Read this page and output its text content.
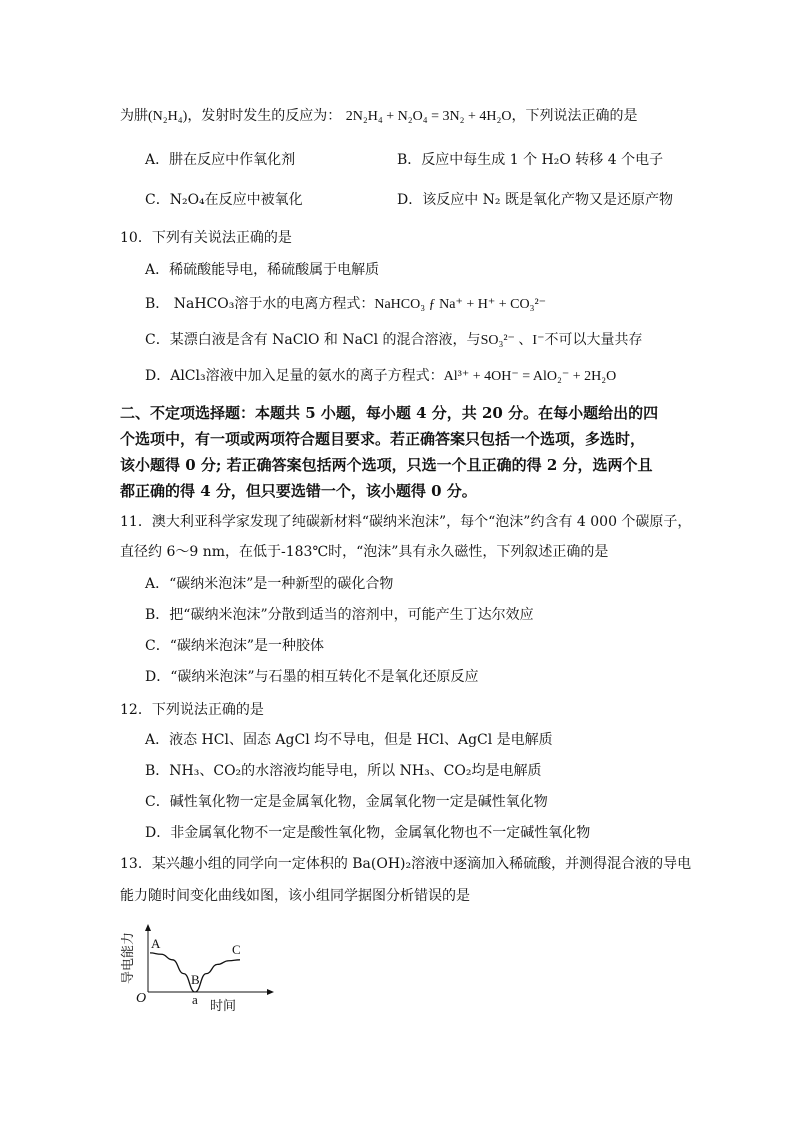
为肼(N₂H₄)，发射时发生的反应为： 2N₂H₄ + N₂O₄ = 3N₂ + 4H₂O，下列说法正确的是
A．肼在反应中作氧化剂	B．反应中每生成 1 个 H₂O 转移 4 个电子
C．N₂O₄在反应中被氧化	D．该反应中 N₂ 既是氧化产物又是还原产物
10．下列有关说法正确的是
A．稀硫酸能导电，稀硫酸属于电解质
B． NaHCO₃溶于水的电离方程式：NaHCO₃ ƒ Na⁺ + H⁺ + CO₃²⁻
C．某漂白液是含有 NaClO 和 NaCl 的混合溶液，与SO₃²⁻ 、I⁻不可以大量共存
D．AlCl₃溶液中加入足量的氨水的离子方程式：Al³⁺ + 4OH⁻ = AlO₂⁻ + 2H₂O
二、不定项选择题：本题共 5 小题，每小题 4 分，共 20 分。在每小题给出的四
个选项中，有一项或两项符合题目要求。若正确答案只包括一个选项，多选时，
该小题得 0 分; 若正确答案包括两个选项，只选一个且正确的得 2 分，选两个且
都正确的得 4 分，但只要选错一个，该小题得 0 分。
11．澳大利亚科学家发现了纯碳新材料“碳纳米泡沫”，每个“泡沫”约含有 4 000 个碳原子，
直径约 6～9 nm，在低于-183℃时，“泡沫”具有永久磁性，下列叙述正确的是
A．“碳纳米泡沫”是一种新型的碳化合物
B．把“碳纳米泡沫”分散到适当的溶剂中，可能产生丁达尔效应
C．“碳纳米泡沫”是一种胶体
D．“碳纳米泡沫”与石墨的相互转化不是氧化还原反应
12．下列说法正确的是
A．液态 HCl、固态 AgCl 均不导电，但是 HCl、AgCl 是电解质
B．NH₃、CO₂的水溶液均能导电，所以 NH₃、CO₂均是电解质
C．碱性氧化物一定是金属氧化物，金属氧化物一定是碱性氧化物
D．非金属氧化物不一定是酸性氧化物，金属氧化物也不一定碱性氧化物
13．某兴趣小组的同学向一定体积的 Ba(OH)₂溶液中逐滴加入稀硫酸，并测得混合液的导电
能力随时间变化曲线如图，该小组同学据图分析错误的是
导电能力
时间
O	a
A
B
C
